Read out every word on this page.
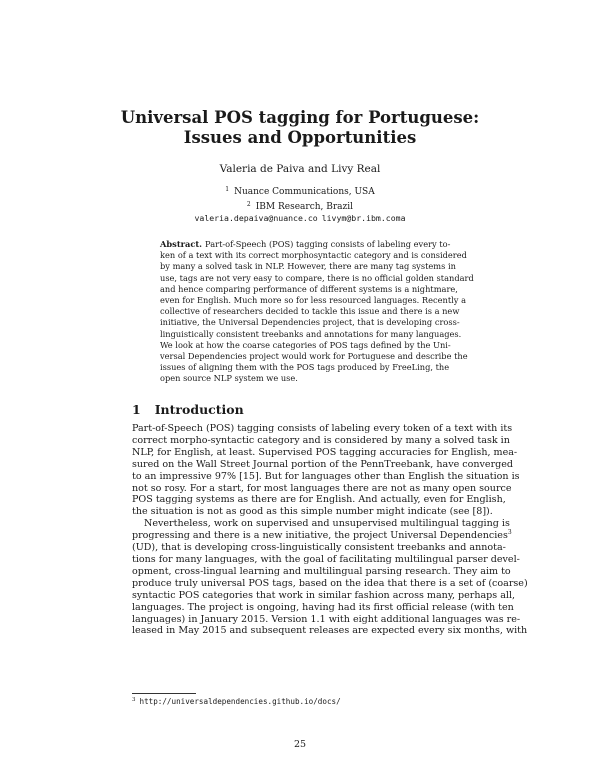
Universal POS tagging for Portuguese:
Issues and Opportunities
Valeria de Paiva and Livy Real
$^1$ Nuance Communications, USA
$^2$ IBM Research, Brazil
valeria.depaiva@nuance.co livym@br.ibm.coma
Abstract. Part-of-Speech (POS) tagging consists of labeling every to-
ken of a text with its correct morphosyntactic category and is considered
by many a solved task in NLP. However, there are many tag systems in
use, tags are not very easy to compare, there is no official golden standard
and hence comparing performance of different systems is a nightmare,
even for English. Much more so for less resourced languages. Recently a
collective of researchers decided to tackle this issue and there is a new
initiative, the Universal Dependencies project, that is developing cross-
linguistically consistent treebanks and annotations for many languages.
We look at how the coarse categories of POS tags defined by the Uni-
versal Dependencies project would work for Portuguese and describe the
issues of aligning them with the POS tags produced by FreeLing, the
open source NLP system we use.
1 Introduction
Part-of-Speech (POS) tagging consists of labeling every token of a text with its
correct morpho-syntactic category and is considered by many a solved task in
NLP, for English, at least. Supervised POS tagging accuracies for English, mea-
sured on the Wall Street Journal portion of the PennTreebank, have converged
to an impressive 97% [15]. But for languages other than English the situation is
not so rosy. For a start, for most languages there are not as many open source
POS tagging systems as there are for English. And actually, even for English,
the situation is not as good as this simple number might indicate (see [8]).
Nevertheless, work on supervised and unsupervised multilingual tagging is
progressing and there is a new initiative, the project Universal Dependencies$^3$
(UD), that is developing cross-linguistically consistent treebanks and annota-
tions for many languages, with the goal of facilitating multilingual parser devel-
opment, cross-lingual learning and multilingual parsing research. They aim to
produce truly universal POS tags, based on the idea that there is a set of (coarse)
syntactic POS categories that work in similar fashion across many, perhaps all,
languages. The project is ongoing, having had its first official release (with ten
languages) in January 2015. Version 1.1 with eight additional languages was re-
leased in May 2015 and subsequent releases are expected every six months, with
$^3$ http://universaldependencies.github.io/docs/
25
